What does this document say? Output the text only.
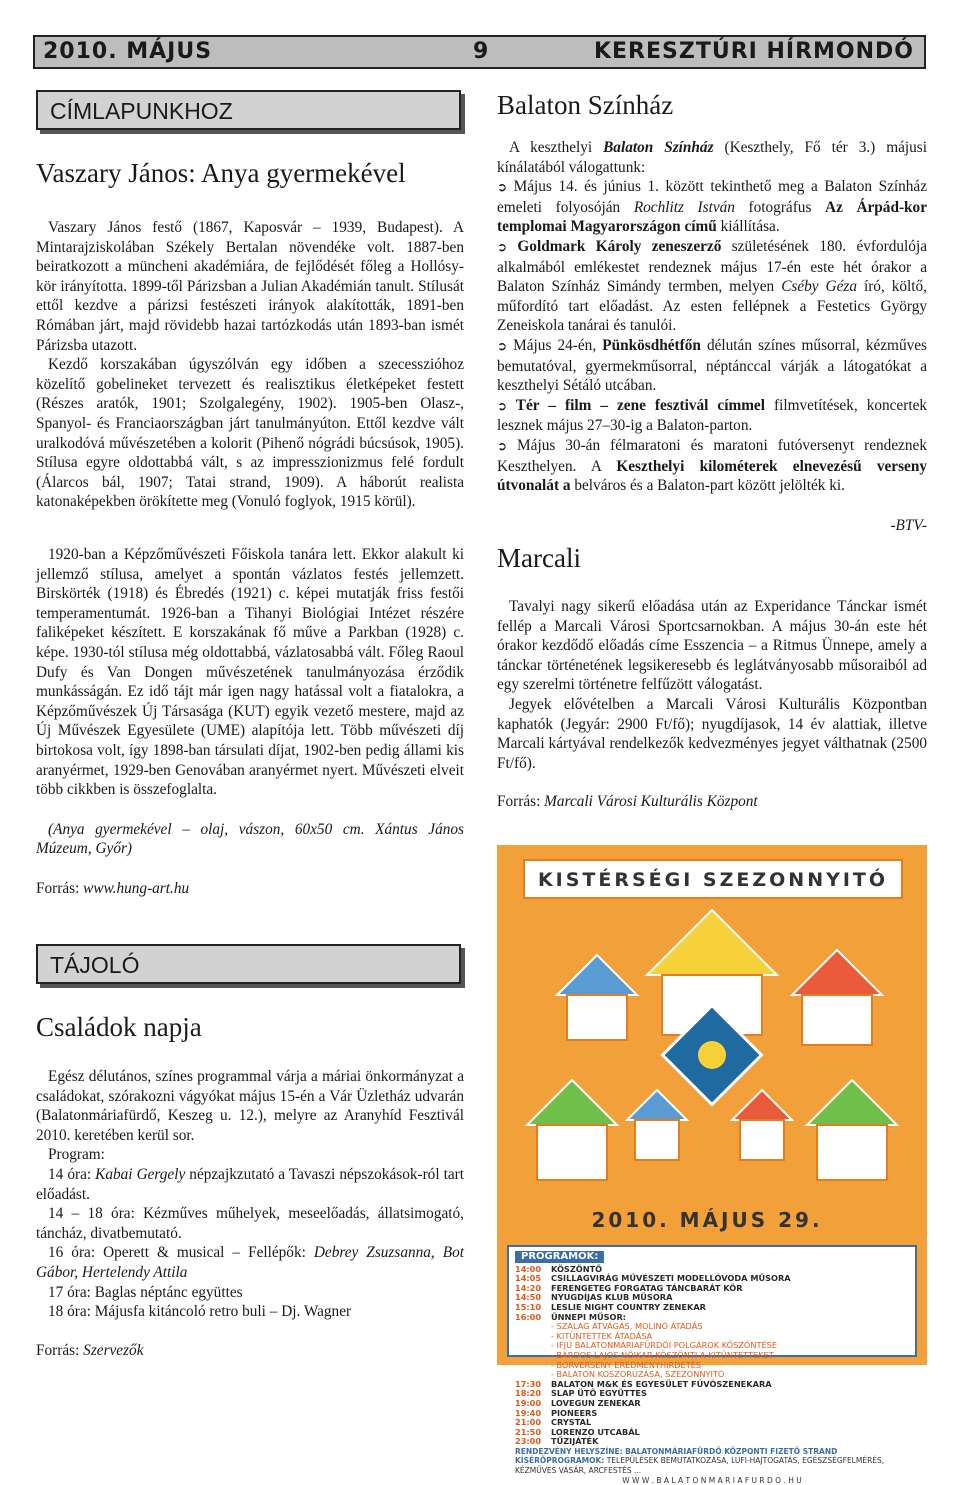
2010. MÁJUS	9	KERESZTÚRI HÍRMONDÓ
CÍMLAPUNKHOZ
Vaszary János: Anya gyermekével

Vaszary János festő (1867, Kaposvár – 1939, Budapest). A Mintarajziskolában Székely Bertalan növendéke volt. 1887-ben beiratkozott a müncheni akadémiára, de fejlődését főleg a Hollósy-kör irányította. 1899-től Párizsban a Julian Akadémián tanult. Stílusát ettől kezdve a párizsi festészeti irányok alakították, 1891-ben Rómában járt, majd rövidebb hazai tartózkodás után 1893-ban ismét Párizsba utazott.

Kezdő korszakában úgyszólván egy időben a szecesszióhoz közelítő gobelineket tervezett és realisztikus életképeket festett (Részes aratók, 1901; Szolgalegény, 1902). 1905-ben Olasz-, Spanyol- és Franciaországban járt tanulmányúton. Ettől kezdve vált uralkodóvá művészetében a kolorit (Pihenő nógrádi búcsúsok, 1905). Stílusa egyre oldottabbá vált, s az impresszionizmus felé fordult (Álarcos bál, 1907; Tatai strand, 1909). A háborút realista katonaképekben örökítette meg (Vonuló foglyok, 1915 körül).

1920-ban a Képzőművészeti Főiskola tanára lett. Ekkor alakult ki jellemző stílusa, amelyet a spontán vázlatos festés jellemzett. Birskörték (1918) és Ébredés (1921) c. képei mutatják friss festői temperamentumát. 1926-ban a Tihanyi Biológiai Intézet részére faliképeket készített. E korszakának fő műve a Parkban (1928) c. képe. 1930-tól stílusa még oldottabbá, vázlatosabbá vált. Főleg Raoul Dufy és Van Dongen művészetének tanulmányozása érződik munkásságán. Ez idő tájt már igen nagy hatással volt a fiatalokra, a Képzőművészek Új Társasága (KUT) egyik vezető mestere, majd az Új Művészek Egyesülete (UME) alapítója lett. Több művészeti díj birtokosa volt, így 1898-ban társulati díjat, 1902-ben pedig állami kis aranyérmet, 1929-ben Genovában aranyérmet nyert. Művészeti elveit több cikkben is összefoglalta.

(Anya gyermekével – olaj, vászon, 60x50 cm. Xántus János Múzeum, Győr)

Forrás: www.hung-art.hu

TÁJOLÓ
Családok napja

Egész délutános, színes programmal várja a máriai önkormányzat a családokat, szórakozni vágyókat május 15-én a Vár Üzletház udvarán (Balatonmáriafürdő, Keszeg u. 12.), melyre az Aranyhíd Fesztivál 2010. keretében kerül sor.

Program:

14 óra: Kabai Gergely népzajkzutató a Tavaszi népszokások-ról tart előadást.

14 – 18 óra: Kézműves műhelyek, meseelőadás, állatsimogató, táncház, divatbemutató.

16 óra: Operett & musical – Fellépők: Debrey Zsuzsanna, Bot Gábor, Hertelendy Attila

17 óra: Baglas néptánc együttes

18 óra: Májusfa kitáncoló retro buli – Dj. Wagner

Forrás: Szervezők

Balaton Színház

A keszthelyi Balaton Színház (Keszthely, Fő tér 3.) májusi kínálatából válogattunk:

➲ Május 14. és június 1. között tekinthető meg a Balaton Színház emeleti folyosóján Rochlitz István fotográfus Az Árpád-kor templomai Magyarországon című kiállítása.

➲ Goldmark Károly zeneszerző születésének 180. évfordulója alkalmából emlékestet rendeznek május 17-én este hét órakor a Balaton Színház Simándy termben, melyen Cséby Géza író, költő, műfordító tart előadást. Az esten fellépnek a Festetics György Zeneiskola tanárai és tanulói.

➲ Május 24-én, Pünkösdhétfőn délután színes műsorral, kézműves bemutatóval, gyermekműsorral, néptánccal várják a látogatókat a keszthelyi Sétáló utcában.

➲ Tér – film – zene fesztivál címmel filmvetítések, koncertek lesznek május 27–30-ig a Balaton-parton.

➲ Május 30-án félmaratoni és maratoni futóversenyt rendeznek Keszthelyen. A Keszthelyi kilométerek elnevezésű verseny útvonalát a belváros és a Balaton-part között jelölték ki.

-BTV-

Marcali

Tavalyi nagy sikerű előadása után az Experidance Tánckar ismét fellép a Marcali Városi Sportcsarnokban. A május 30-án este hét órakor kezdődő előadás címe Esszencia – a Ritmus Ünnepe, amely a tánckar történetének legsikeresebb és leglátványosabb műsoraiból ad egy szerelmi történetre felfűzött válogatást.

Jegyek elővételben a Marcali Városi Kulturális Központban kaphatók (Jegyár: 2900 Ft/fő); nyugdíjasok, 14 év alattiak, illetve Marcali kártyával rendelkezők kedvezményes jegyet válthatnak (2500 Ft/fő).

Forrás: Marcali Városi Kulturális Központ

KISTÉRSÉGI SZEZONNYITÓ
2010. MÁJUS 29.
PROGRAMOK:
14:00 KÖSZÖNTŐ
14:05 CSILLAGVIRÁG MŰVÉSZETI MODELLÓVODA MŰSORA
14:20 FERENGETEG FORGATAG TÁNCBARÁT KÖR
14:50 NYUGDÍJAS KLUB MŰSORA
15:10 LESLIE NIGHT COUNTRY ZENEKAR
16:00 ÜNNEPI MŰSOR:
- SZALAG ÁTVÁGÁS, MOLINÓ ÁTADÁS
- KITÜNTETTEK ÁTADÁSA
- IFJÚ BALATONMÁRIAFÜRDŐI POLGÁROK KÖSZÖNTÉSE
- BÁRDOS LAJOS NŐIKAR KÖSZÖNTI A KITÜNTETTEKET
- BORVERSENY EREDMÉNYHIRDETÉS
- BALATON KOSZORÚZÁSA, SZEZONNYITÓ
17:30 BALATON M&K ÉS EGYESÜLET FÚVÓSZENEKARA
18:20 SLAP ÜTŐ EGYÜTTES
19:00 LOVEGUN ZENEKAR
19:40 PIONEERS
21:00 CRYSTAL
21:50 LORENZO UTCABÁL
23:00 TŰZIJÁTÉK
RENDEZVÉNY HELYSZÍNE: BALATONMÁRIAFÜRDŐ KÖZPONTI FIZETŐ STRAND
KÍSÉRŐPROGRAMOK: TELEPÜLÉSEK BEMUTATKOZÁSA, LUFI-HAJTOGATÁS, EGÉSZSÉGFELMÉRÉS, KÉZMŰVES VÁSÁR, ARCFESTÉS ...
W W W . B A L A T O N M A R I A F U R D O . H U
